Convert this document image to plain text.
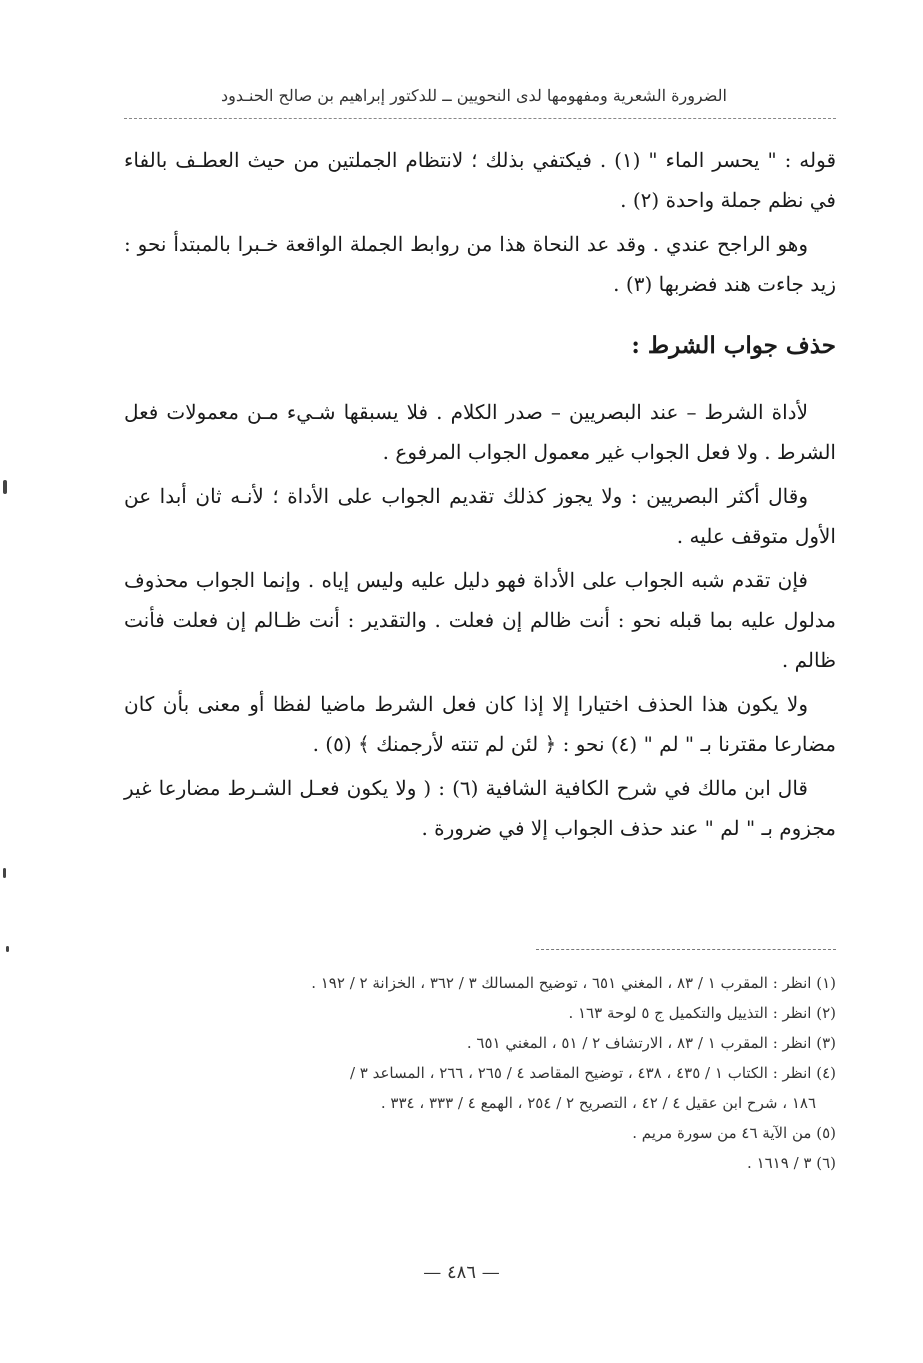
الضرورة الشعرية ومفهومها لدى النحويين ــ للدكتور إبراهيم بن صالح الحنـدود

قوله : " يحسر الماء " (١) . فيكتفي بذلك ؛ لانتظام الجملتين من حيث العطـف بالفاء في نظم جملة واحدة (٢) .

وهو الراجح عندي . وقد عد النحاة هذا من روابط الجملة الواقعة خـبرا بالمبتدأ نحو : زيد جاءت هند فضربها (٣) .

حذف جواب الشرط :

لأداة الشرط – عند البصريين – صدر الكلام . فلا يسبقها شـيء مـن معمولات فعل الشرط . ولا فعل الجواب غير معمول الجواب المرفوع .

وقال أكثر البصريين : ولا يجوز كذلك تقديم الجواب على الأداة ؛ لأنـه ثان أبدا عن الأول متوقف عليه .

فإن تقدم شبه الجواب على الأداة فهو دليل عليه وليس إياه . وإنما الجواب محذوف مدلول عليه بما قبله نحو : أنت ظالم إن فعلت . والتقدير : أنت ظـالم إن فعلت فأنت ظالم .

ولا يكون هذا الحذف اختيارا إلا إذا كان فعل الشرط ماضيا لفظا أو معنى بأن كان مضارعا مقترنا بـ " لم " (٤) نحو : ﴿ لئن لم تنته لأرجمنك ﴾ (٥) .

قال ابن مالك في شرح الكافية الشافية (٦) : ( ولا يكون فعـل الشـرط مضارعا غير مجزوم بـ " لم " عند حذف الجواب إلا في ضرورة .

(١) انظر : المقرب ١ / ٨٣ ، المغني ٦٥١ ، توضيح المسالك ٣ / ٣٦٢ ، الخزانة ٢ / ١٩٢ .

(٢) انظر : التذييل والتكميل ج ٥ لوحة ١٦٣ .

(٣) انظر : المقرب ١ / ٨٣ ، الارتشاف ٢ / ٥١ ، المغني ٦٥١ .

(٤) انظر : الكتاب ١ / ٤٣٥ ، ٤٣٨ ، توضيح المقاصد ٤ / ٢٦٥ ، ٢٦٦ ، المساعد ٣ /
١٨٦ ، شرح ابن عقيل ٤ / ٤٢ ، التصريح ٢ / ٢٥٤ ، الهمع ٤ / ٣٣٣ ، ٣٣٤ .

(٥) من الآية ٤٦ من سورة مريم .

(٦) ٣ / ١٦١٩ .

— ٤٨٦ —
